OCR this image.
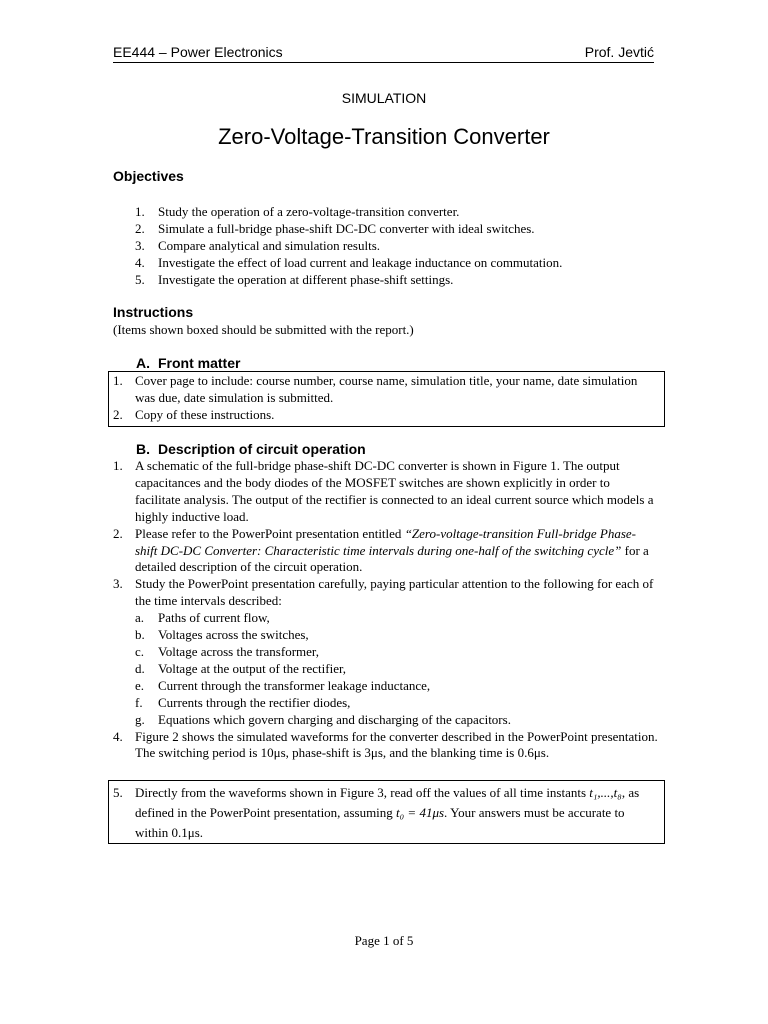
EE444 – Power Electronics	Prof. Jevtić
SIMULATION
Zero-Voltage-Transition Converter
Objectives
1. Study the operation of a zero-voltage-transition converter.
2. Simulate a full-bridge phase-shift DC-DC converter with ideal switches.
3. Compare analytical and simulation results.
4. Investigate the effect of load current and leakage inductance on commutation.
5. Investigate the operation at different phase-shift settings.
Instructions
(Items shown boxed should be submitted with the report.)
A. Front matter
1. Cover page to include: course number, course name, simulation title, your name, date simulation was due, date simulation is submitted.
2. Copy of these instructions.
B. Description of circuit operation
1. A schematic of the full-bridge phase-shift DC-DC converter is shown in Figure 1. The output capacitances and the body diodes of the MOSFET switches are shown explicitly in order to facilitate analysis. The output of the rectifier is connected to an ideal current source which models a highly inductive load.
2. Please refer to the PowerPoint presentation entitled “Zero-voltage-transition Full-bridge Phase-shift DC-DC Converter: Characteristic time intervals during one-half of the switching cycle” for a detailed description of the circuit operation.
3. Study the PowerPoint presentation carefully, paying particular attention to the following for each of the time intervals described:
a. Paths of current flow,
b. Voltages across the switches,
c. Voltage across the transformer,
d. Voltage at the output of the rectifier,
e. Current through the transformer leakage inductance,
f. Currents through the rectifier diodes,
g. Equations which govern charging and discharging of the capacitors.
4. Figure 2 shows the simulated waveforms for the converter described in the PowerPoint presentation. The switching period is 10μs, phase-shift is 3μs, and the blanking time is 0.6μs.
5. Directly from the waveforms shown in Figure 3, read off the values of all time instants t₁,...,t₈, as defined in the PowerPoint presentation, assuming t₀ = 41μs. Your answers must be accurate to within 0.1μs.
Page 1 of 5
